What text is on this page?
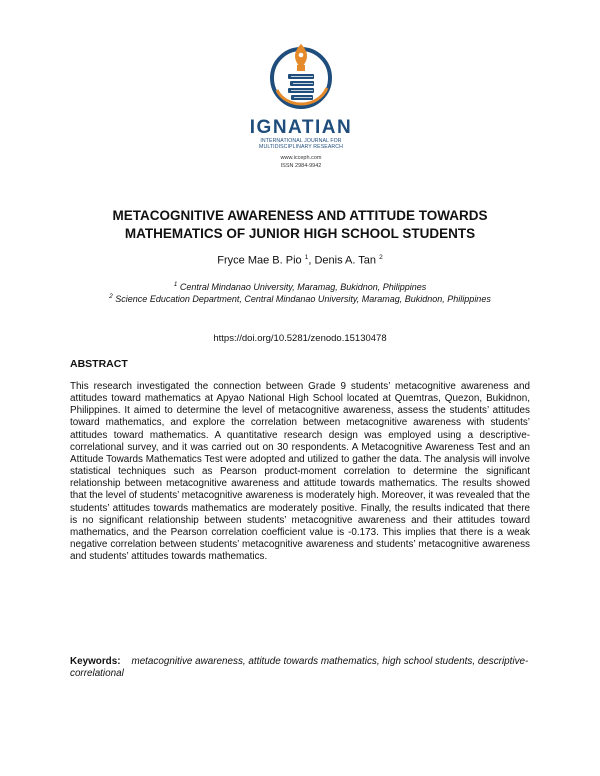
IGNATIAN
INTERNATIONAL JOURNAL FOR
MULTIDISCIPLINARY RESEARCH
www.icceph.com
ISSN 2984-9942
METACOGNITIVE AWARENESS AND ATTITUDE TOWARDS
MATHEMATICS OF JUNIOR HIGH SCHOOL STUDENTS
Fryce Mae B. Pio $^1$, Denis A. Tan $^2$
$^1$ Central Mindanao University, Maramag, Bukidnon, Philippines
$^2$ Science Education Department, Central Mindanao University, Maramag, Bukidnon, Philippines
https://doi.org/10.5281/zenodo.15130478
ABSTRACT

This research investigated the connection between Grade 9 students’ metacognitive awareness and attitudes toward mathematics at Apyao National High School located at Quemtras, Quezon, Bukidnon, Philippines. It aimed to determine the level of metacognitive awareness, assess the students’ attitudes toward mathematics, and explore the correlation between metacognitive awareness with students’ attitudes toward mathematics. A quantitative research design was employed using a descriptive-correlational survey, and it was carried out on 30 respondents. A Metacognitive Awareness Test and an Attitude Towards Mathematics Test were adopted and utilized to gather the data. The analysis will involve statistical techniques such as Pearson product-moment correlation to determine the significant relationship between metacognitive awareness and attitude towards mathematics. The results showed that the level of students’ metacognitive awareness is moderately high. Moreover, it was revealed that the students’ attitudes towards mathematics are moderately positive. Finally, the results indicated that there is no significant relationship between students’ metacognitive awareness and their attitudes toward mathematics, and the Pearson correlation coefficient value is -0.173. This implies that there is a weak negative correlation between students’ metacognitive awareness and students’ metacognitive awareness and students’ attitudes towards mathematics.

Keywords: metacognitive awareness, attitude towards mathematics, high school students, descriptive-correlational
